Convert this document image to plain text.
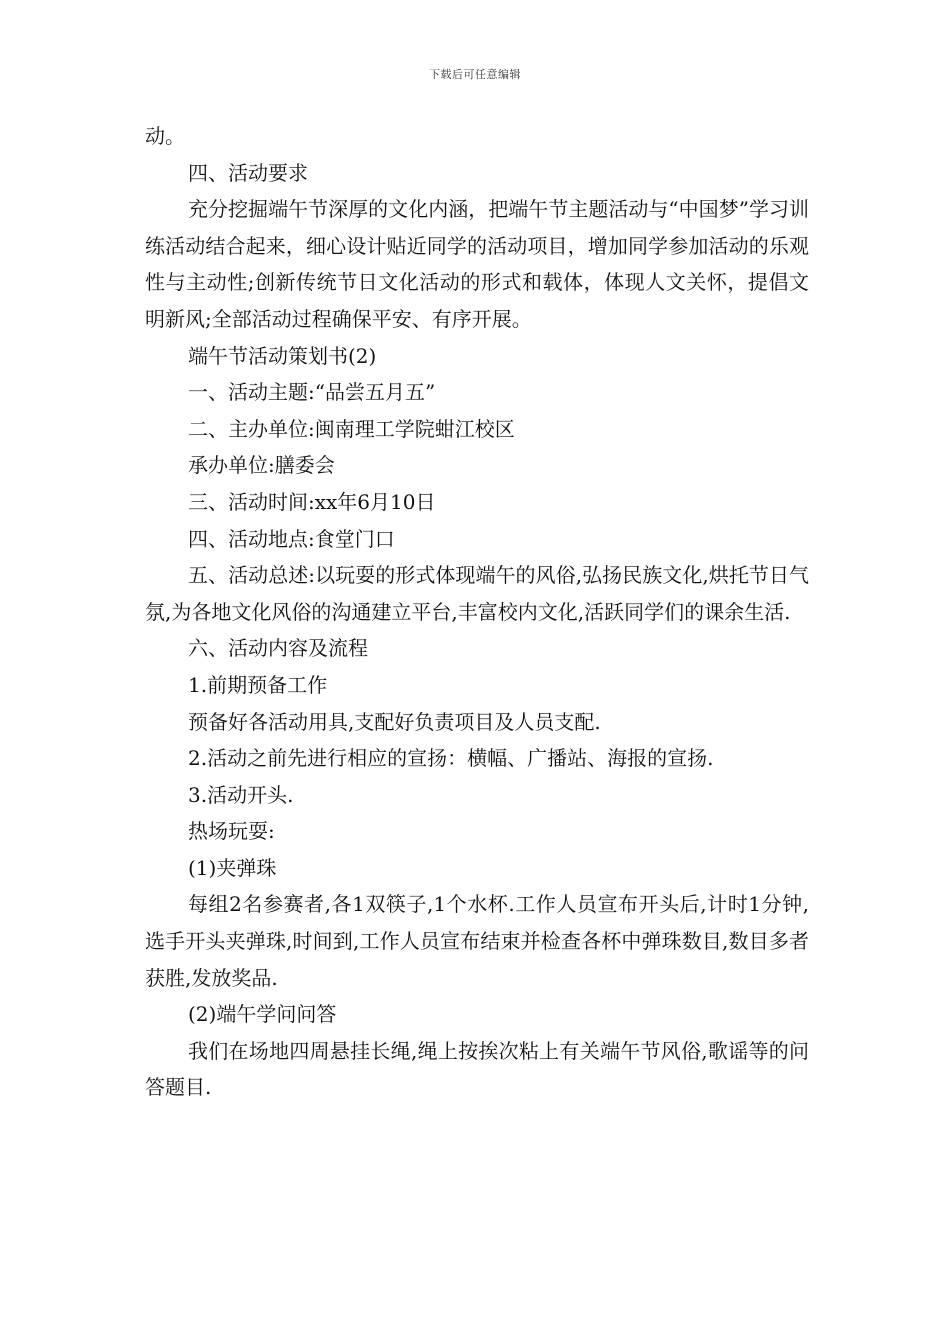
下载后可任意编辑

动。

四、活动要求

充分挖掘端午节深厚的文化内涵，把端午节主题活动与“中国梦”学习训练活动结合起来，细心设计贴近同学的活动项目，增加同学参加活动的乐观性与主动性;创新传统节日文化活动的形式和载体，体现人文关怀，提倡文明新风;全部活动过程确保平安、有序开展。

端午节活动策划书(2)

一、活动主题:“品尝五月五”

二、主办单位:闽南理工学院蚶江校区

承办单位:膳委会

三、活动时间:xx年6月10日

四、活动地点:食堂门口

五、活动总述:以玩耍的形式体现端午的风俗,弘扬民族文化,烘托节日气氛,为各地文化风俗的沟通建立平台,丰富校内文化,活跃同学们的课余生活.

六、活动内容及流程

1.前期预备工作

预备好各活动用具,支配好负责项目及人员支配.

2.活动之前先进行相应的宣扬：横幅、广播站、海报的宣扬.

3.活动开头.

热场玩耍:

(1)夹弹珠

每组2名参赛者,各1双筷子,1个水杯.工作人员宣布开头后,计时1分钟,选手开头夹弹珠,时间到,工作人员宣布结束并检查各杯中弹珠数目,数目多者获胜,发放奖品.

(2)端午学问问答

我们在场地四周悬挂长绳,绳上按挨次粘上有关端午节风俗,歌谣等的问答题目.
